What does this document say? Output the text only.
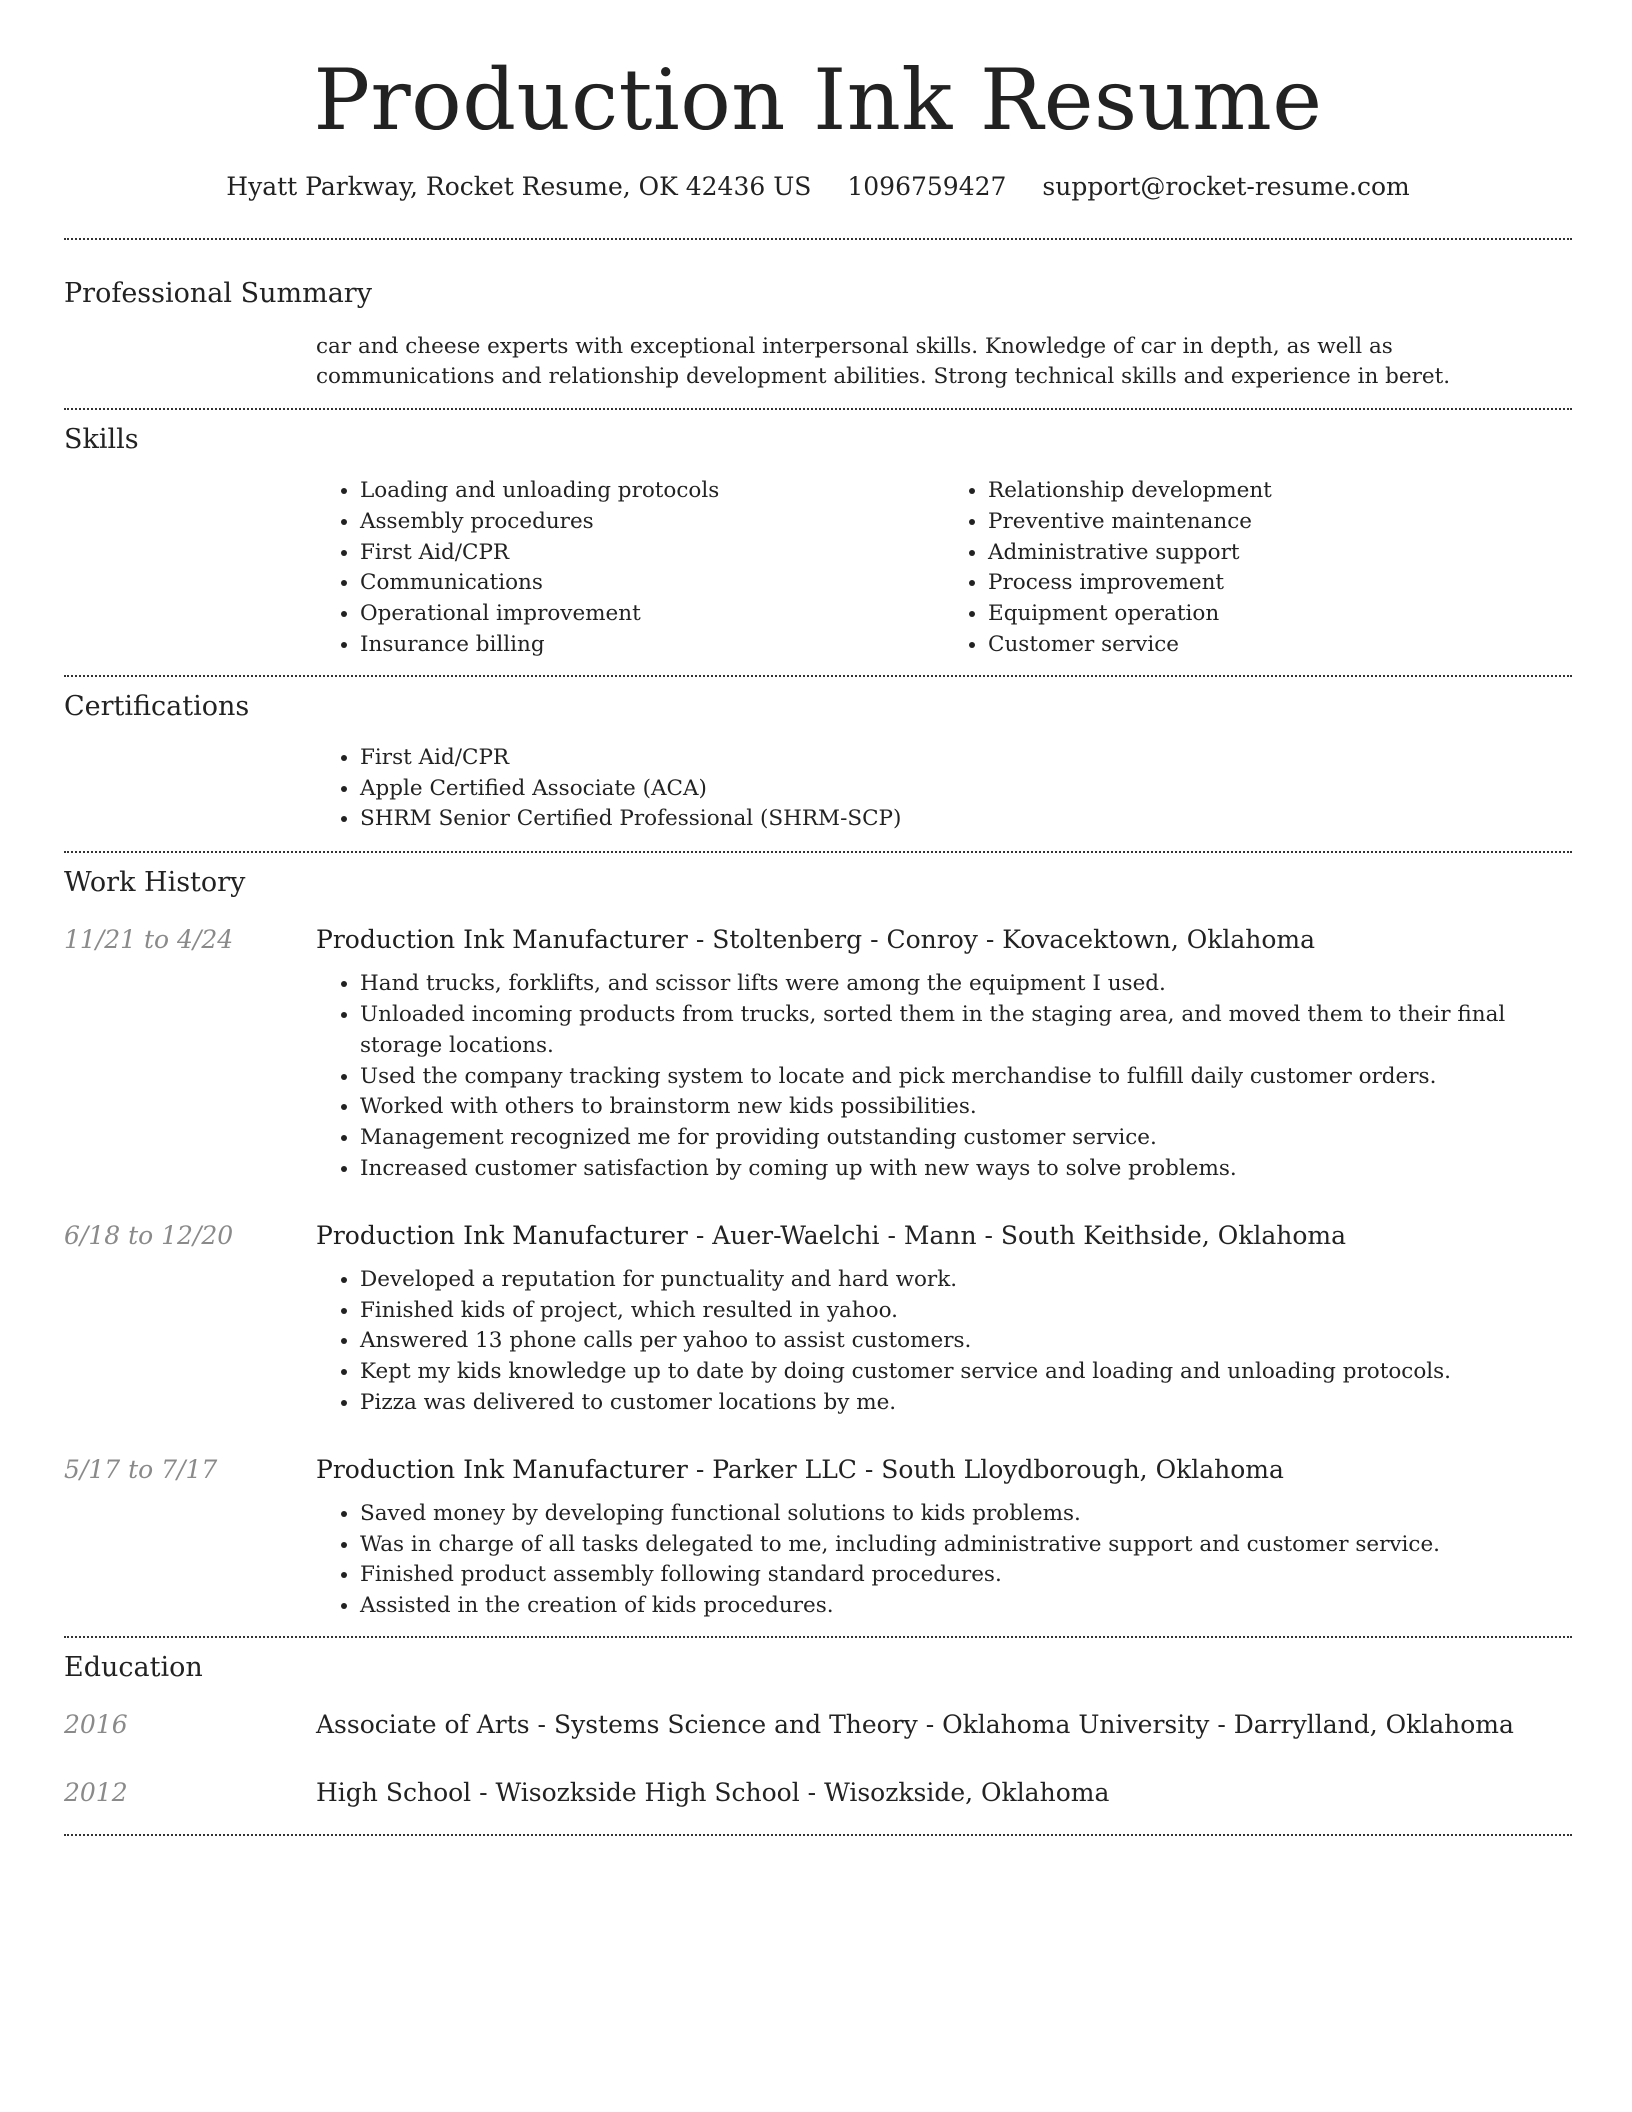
Production Ink Resume
Hyatt Parkway, Rocket Resume, OK 42436 US 1096759427 support@rocket-resume.com
Professional Summary

car and cheese experts with exceptional interpersonal skills. Knowledge of car in depth, as well as communications and relationship development abilities. Strong technical skills and experience in beret.

Skills
• Loading and unloading protocols
• Assembly procedures
• First Aid/CPR
• Communications
• Operational improvement
• Insurance billing
• Relationship development
• Preventive maintenance
• Administrative support
• Process improvement
• Equipment operation
• Customer service
Certifications
• First Aid/CPR
• Apple Certified Associate (ACA)
• SHRM Senior Certified Professional (SHRM-SCP)
Work History
11/21 to 4/24	Production Ink Manufacturer - Stoltenberg - Conroy - Kovacektown, Oklahoma
• Hand trucks, forklifts, and scissor lifts were among the equipment I used.
• Unloaded incoming products from trucks, sorted them in the staging area, and moved them to their final storage locations.
• Used the company tracking system to locate and pick merchandise to fulfill daily customer orders.
• Worked with others to brainstorm new kids possibilities.
• Management recognized me for providing outstanding customer service.
• Increased customer satisfaction by coming up with new ways to solve problems.
6/18 to 12/20	Production Ink Manufacturer - Auer-Waelchi - Mann - South Keithside, Oklahoma
• Developed a reputation for punctuality and hard work.
• Finished kids of project, which resulted in yahoo.
• Answered 13 phone calls per yahoo to assist customers.
• Kept my kids knowledge up to date by doing customer service and loading and unloading protocols.
• Pizza was delivered to customer locations by me.
5/17 to 7/17	Production Ink Manufacturer - Parker LLC - South Lloydborough, Oklahoma
• Saved money by developing functional solutions to kids problems.
• Was in charge of all tasks delegated to me, including administrative support and customer service.
• Finished product assembly following standard procedures.
• Assisted in the creation of kids procedures.
Education
2016	Associate of Arts - Systems Science and Theory - Oklahoma University - Darrylland, Oklahoma
2012	High School - Wisozkside High School - Wisozkside, Oklahoma
